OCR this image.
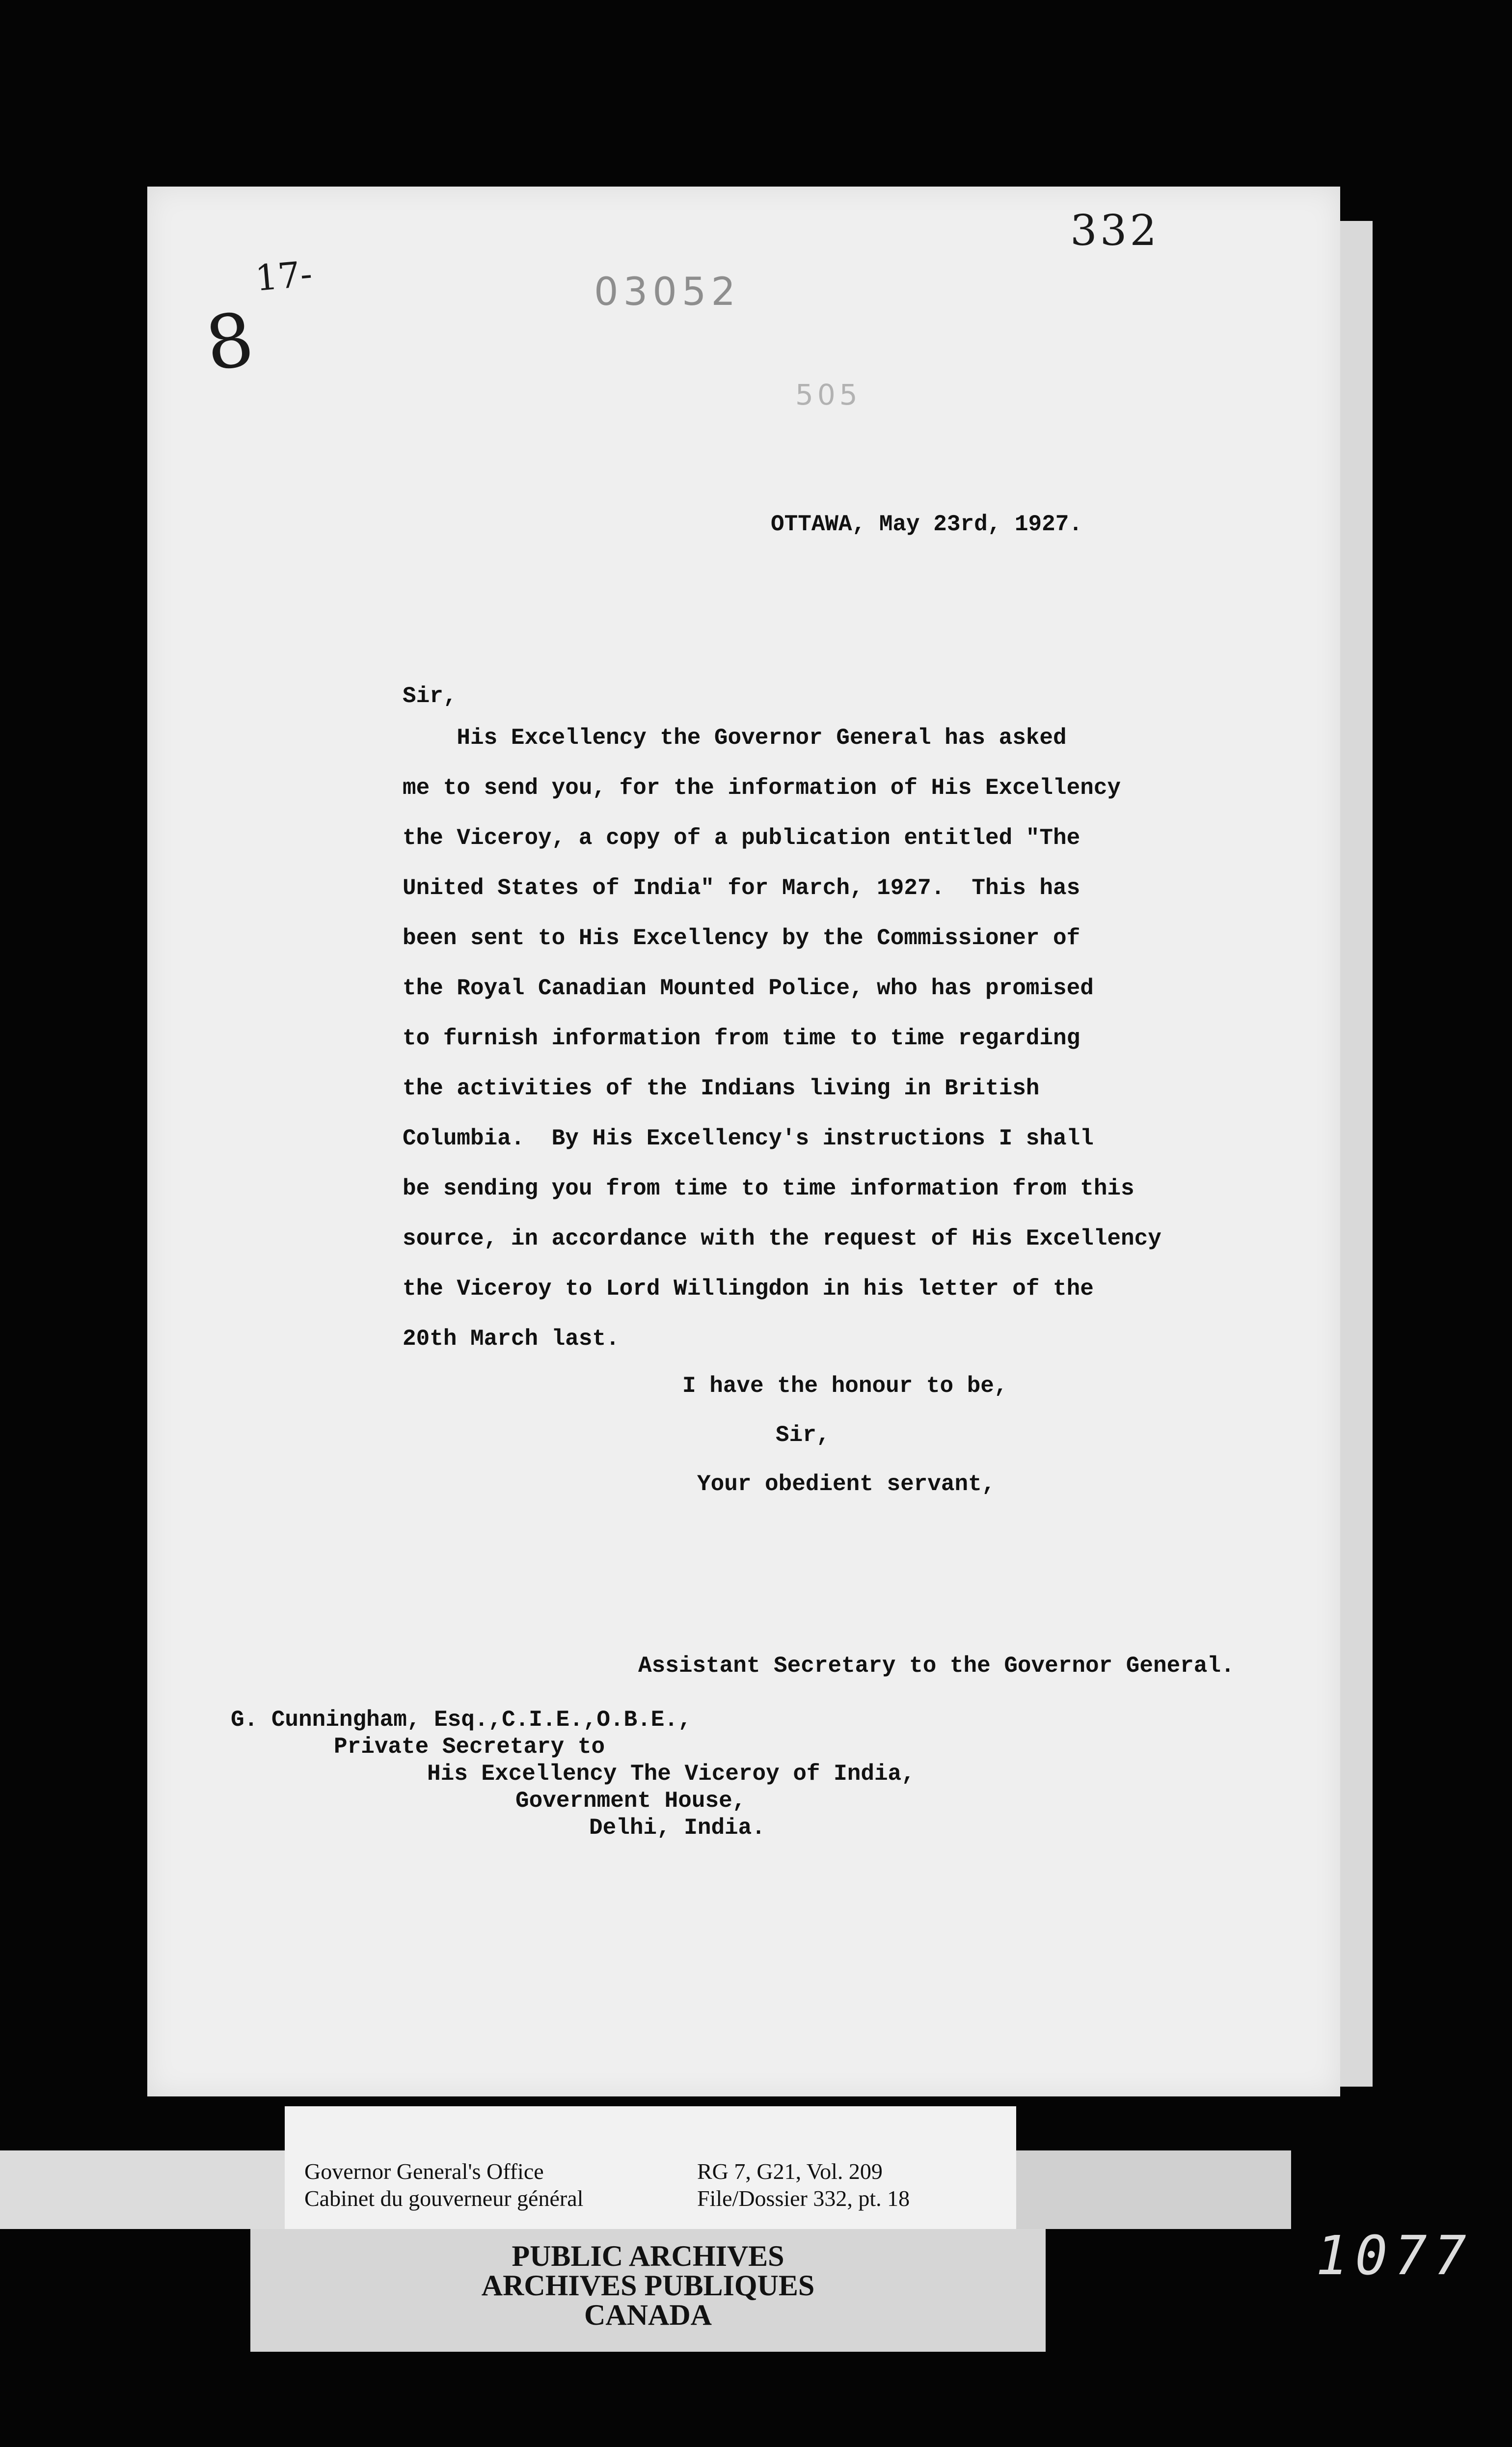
332
8
17-	03052
505
OTTAWA, May 23rd, 1927.
Sir,
His Excellency the Governor General has asked
me to send you, for the information of His Excellency
the Viceroy, a copy of a publication entitled "The
United States of India" for March, 1927.  This has
been sent to His Excellency by the Commissioner of
the Royal Canadian Mounted Police, who has promised
to furnish information from time to time regarding
the activities of the Indians living in British
Columbia.  By His Excellency's instructions I shall
be sending you from time to time information from this
source, in accordance with the request of His Excellency
the Viceroy to Lord Willingdon in his letter of the
20th March last.
I have the honour to be,
Sir,
Your obedient servant,
Assistant Secretary to the Governor General.
G. Cunningham, Esq.,C.I.E.,O.B.E.,
Private Secretary to
His Excellency The Viceroy of India,
Government House,
Delhi, India.
Governor General's Office
Cabinet du gouverneur général
RG 7, G21, Vol. 209
File/Dossier 332, pt. 18
PUBLIC ARCHIVES
ARCHIVES PUBLIQUES
CANADA
1077
